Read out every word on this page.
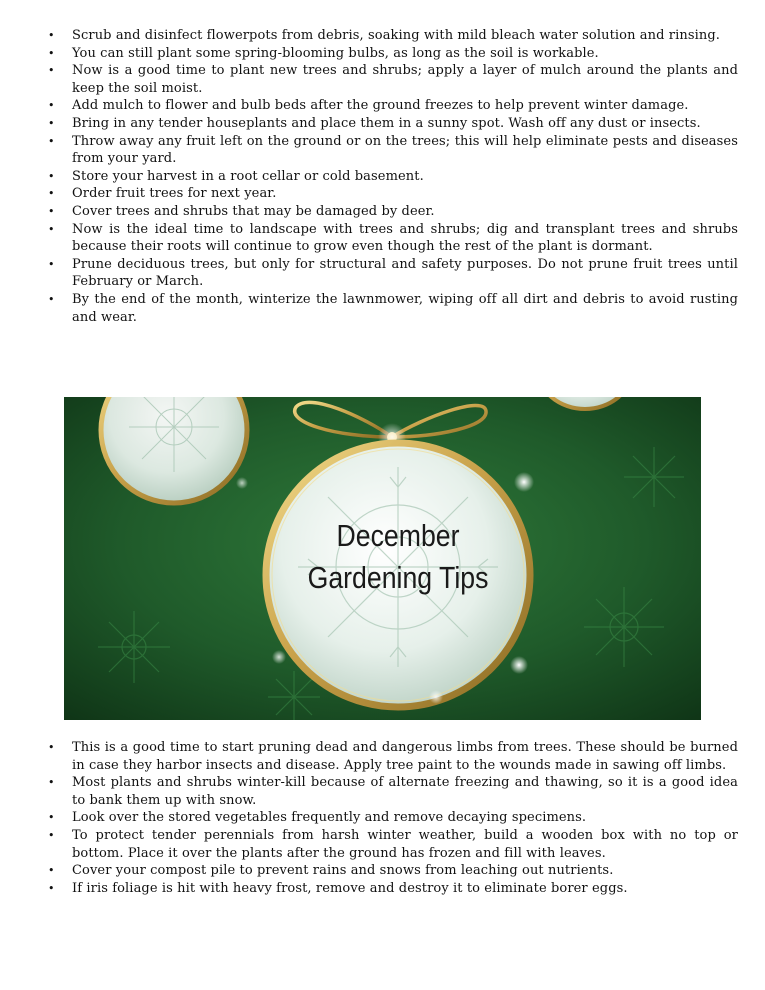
• Scrub and disinfect flowerpots from debris, soaking with mild bleach water solution and rinsing.
• You can still plant some spring-blooming bulbs, as long as the soil is workable.
• Now is a good time to plant new trees and shrubs; apply a layer of mulch around the plants and keep the soil moist.
• Add mulch to flower and bulb beds after the ground freezes to help prevent winter damage.
• Bring in any tender houseplants and place them in a sunny spot. Wash off any dust or insects.
• Throw away any fruit left on the ground or on the trees; this will help eliminate pests and diseases from your yard.
• Store your harvest in a root cellar or cold basement.
• Order fruit trees for next year.
• Cover trees and shrubs that may be damaged by deer.
• Now is the ideal time to landscape with trees and shrubs; dig and transplant trees and shrubs because their roots will continue to grow even though the rest of the plant is dormant.
• Prune deciduous trees, but only for structural and safety purposes. Do not prune fruit trees until February or March.
• By the end of the month, winterize the lawnmower, wiping off all dirt and debris to avoid rusting and wear.
December
Gardening Tips
• This is a good time to start pruning dead and dangerous limbs from trees. These should be burned in case they harbor insects and disease. Apply tree paint to the wounds made in sawing off limbs.
• Most plants and shrubs winter-kill because of alternate freezing and thawing, so it is a good idea to bank them up with snow.
• Look over the stored vegetables frequently and remove decaying specimens.
• To protect tender perennials from harsh winter weather, build a wooden box with no top or bottom. Place it over the plants after the ground has frozen and fill with leaves.
• Cover your compost pile to prevent rains and snows from leaching out nutrients.
• If iris foliage is hit with heavy frost, remove and destroy it to eliminate borer eggs.
